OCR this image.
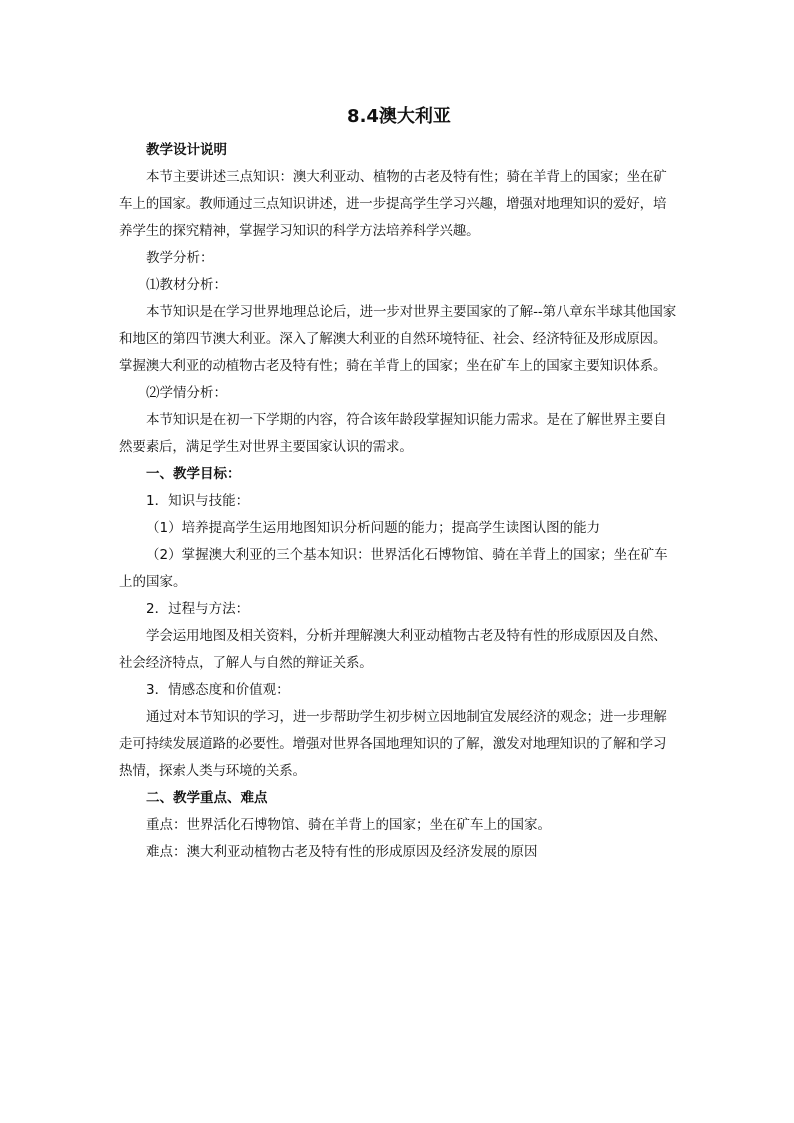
8.4澳大利亚
教学设计说明
本节主要讲述三点知识：澳大利亚动、植物的古老及特有性；骑在羊背上的国家；坐在矿车上的国家。教师通过三点知识讲述，进一步提高学生学习兴趣，增强对地理知识的爱好，培养学生的探究精神，掌握学习知识的科学方法培养科学兴趣。
教学分析：
⑴教材分析：
本节知识是在学习世界地理总论后，进一步对世界主要国家的了解--第八章东半球其他国家和地区的第四节澳大利亚。深入了解澳大利亚的自然环境特征、社会、经济特征及形成原因。掌握澳大利亚的动植物古老及特有性；骑在羊背上的国家；坐在矿车上的国家主要知识体系。
⑵学情分析：
本节知识是在初一下学期的内容，符合该年龄段掌握知识能力需求。是在了解世界主要自然要素后，满足学生对世界主要国家认识的需求。
一、教学目标：
1．知识与技能：
（1）培养提高学生运用地图知识分析问题的能力；提高学生读图认图的能力
（2）掌握澳大利亚的三个基本知识：世界活化石博物馆、骑在羊背上的国家；坐在矿车上的国家。
2．过程与方法：
学会运用地图及相关资料，分析并理解澳大利亚动植物古老及特有性的形成原因及自然、社会经济特点，了解人与自然的辩证关系。
3．情感态度和价值观：
通过对本节知识的学习，进一步帮助学生初步树立因地制宜发展经济的观念；进一步理解走可持续发展道路的必要性。增强对世界各国地理知识的了解，激发对地理知识的了解和学习热情，探索人类与环境的关系。
二、教学重点、难点
重点：世界活化石博物馆、骑在羊背上的国家；坐在矿车上的国家。
难点：澳大利亚动植物古老及特有性的形成原因及经济发展的原因
